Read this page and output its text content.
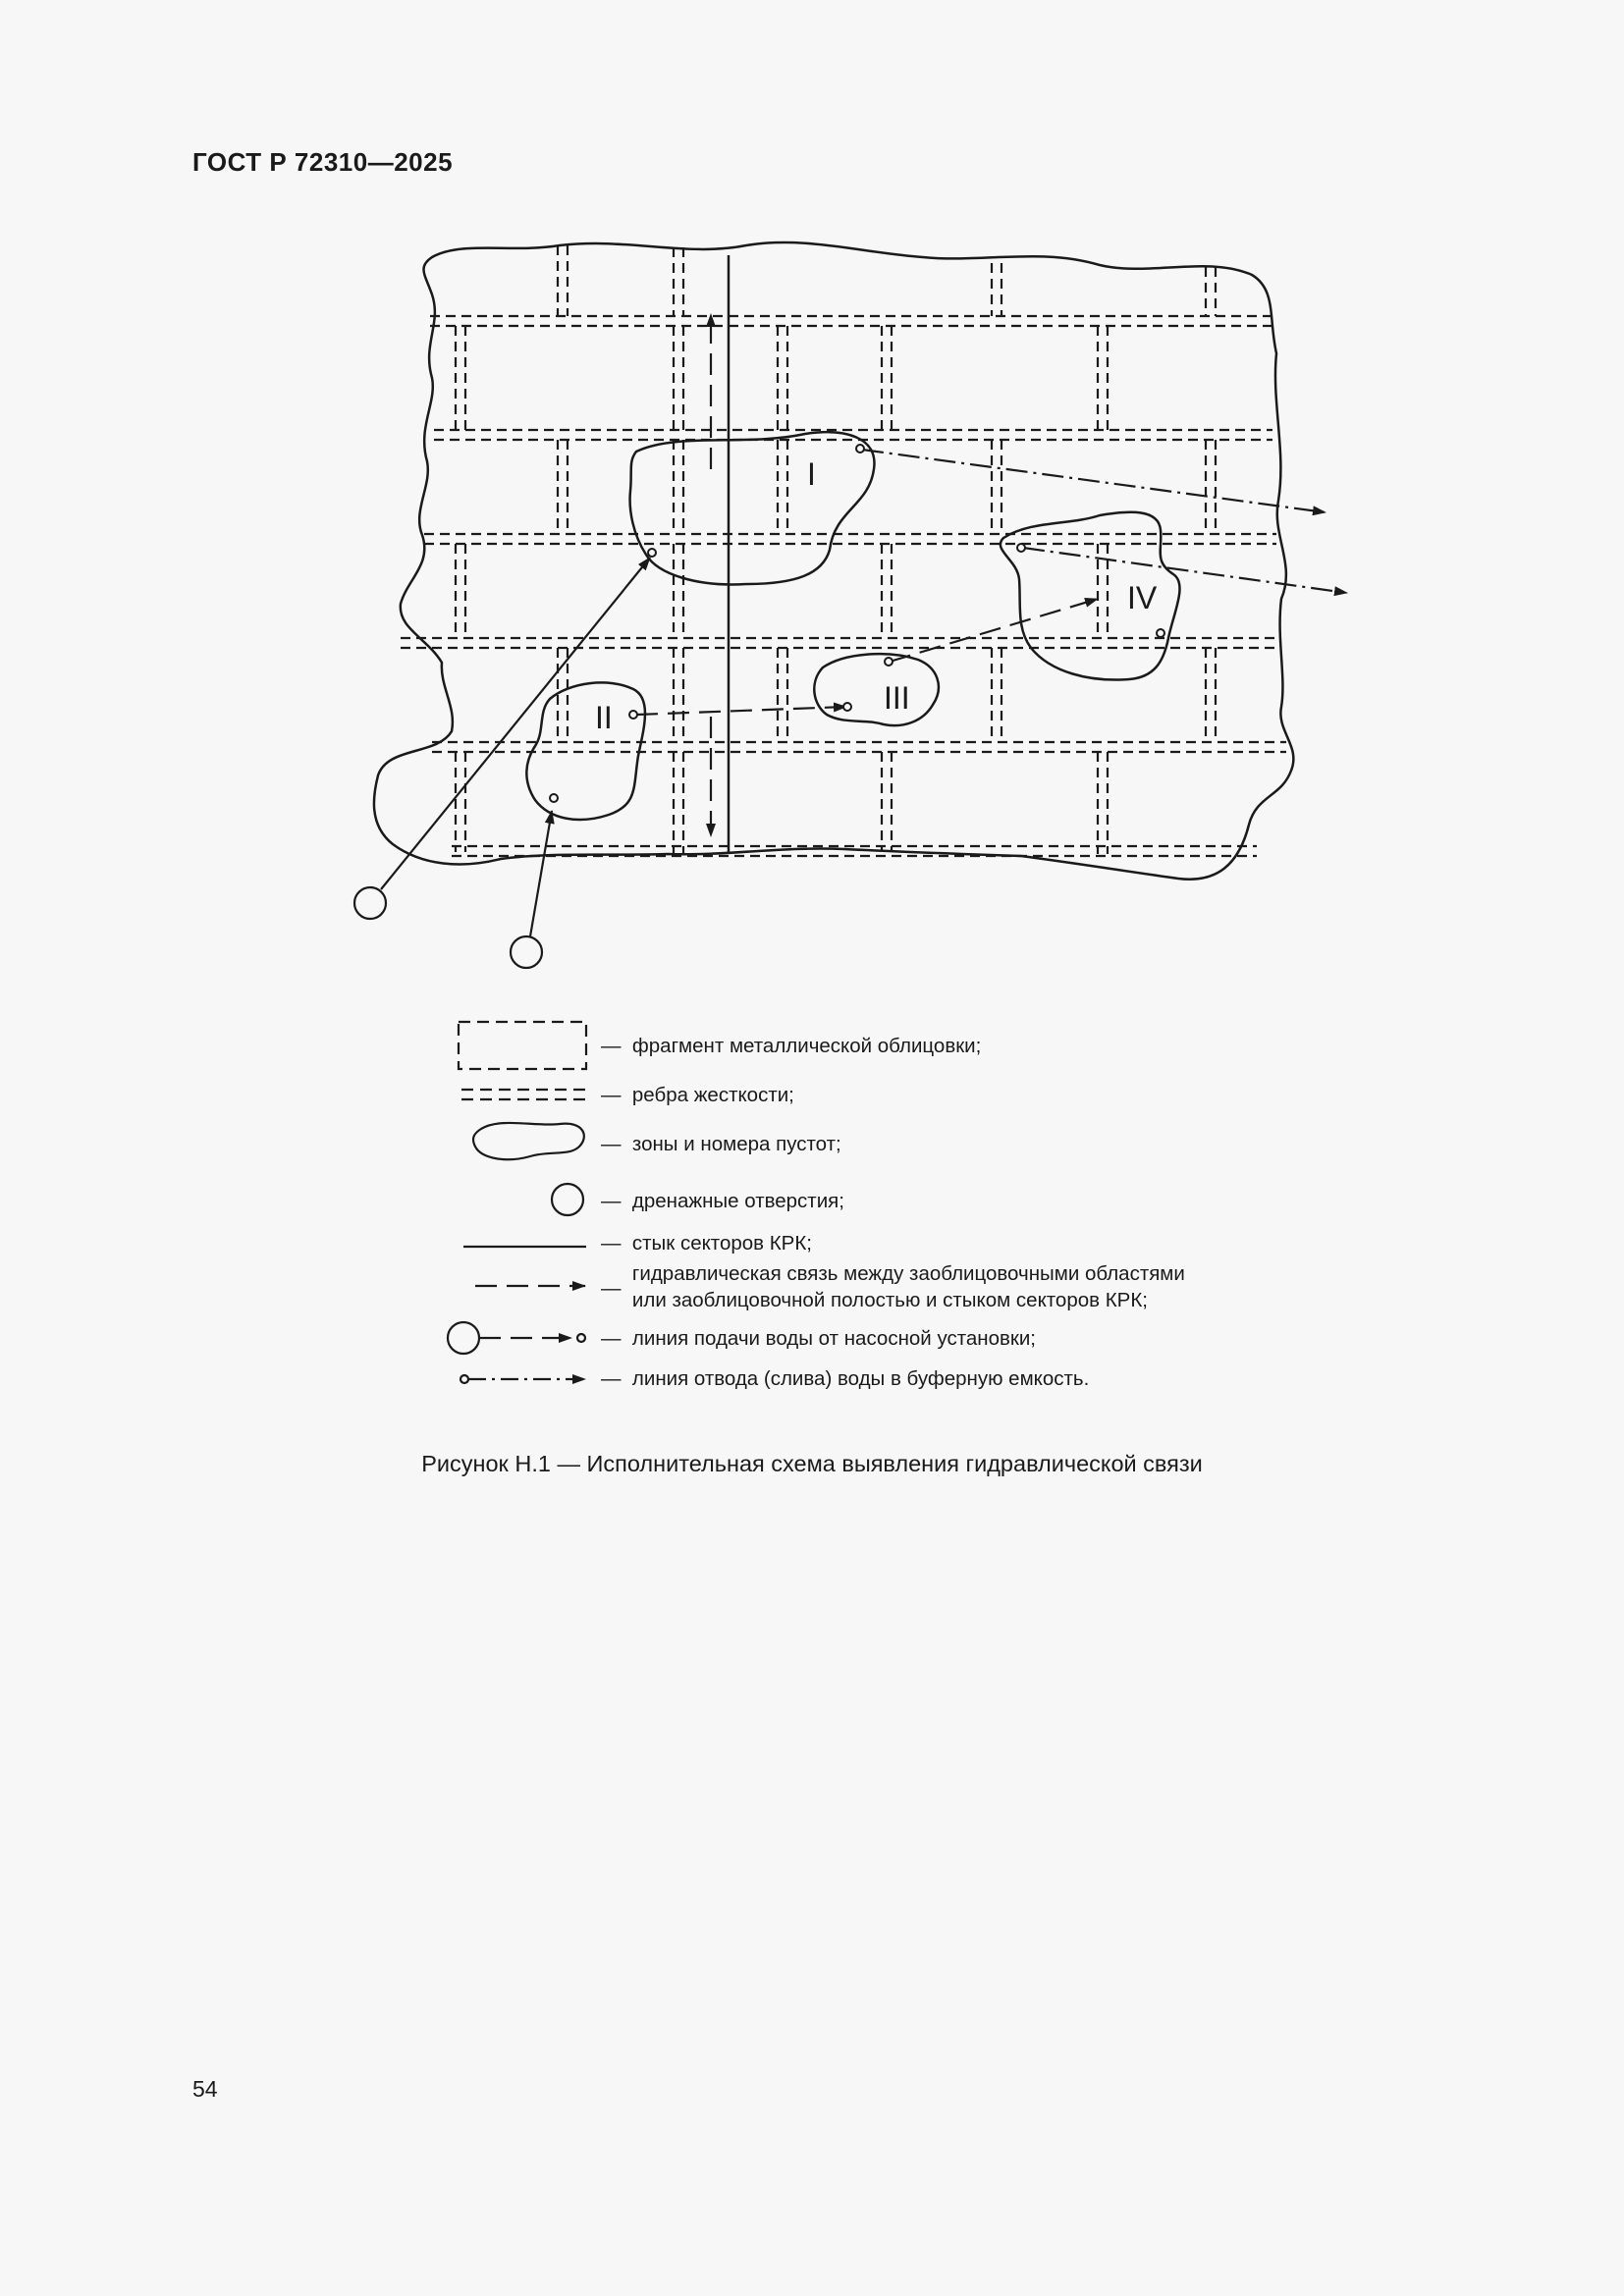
ГОСТ Р 72310—2025
I
II
III
IV
— фрагмент металлической облицовки;
— ребра жесткости;
— зоны и номера пустот;
— дренажные отверстия;
— стык секторов КРК;
—  гидравлическая связь между заоблицовочными областями
или заоблицовочной полостью и стыком секторов КРК;
— линия подачи воды от насосной установки;
— линия отвода (слива) воды в буферную емкость.
Рисунок Н.1 — Исполнительная схема выявления гидравлической связи
54
